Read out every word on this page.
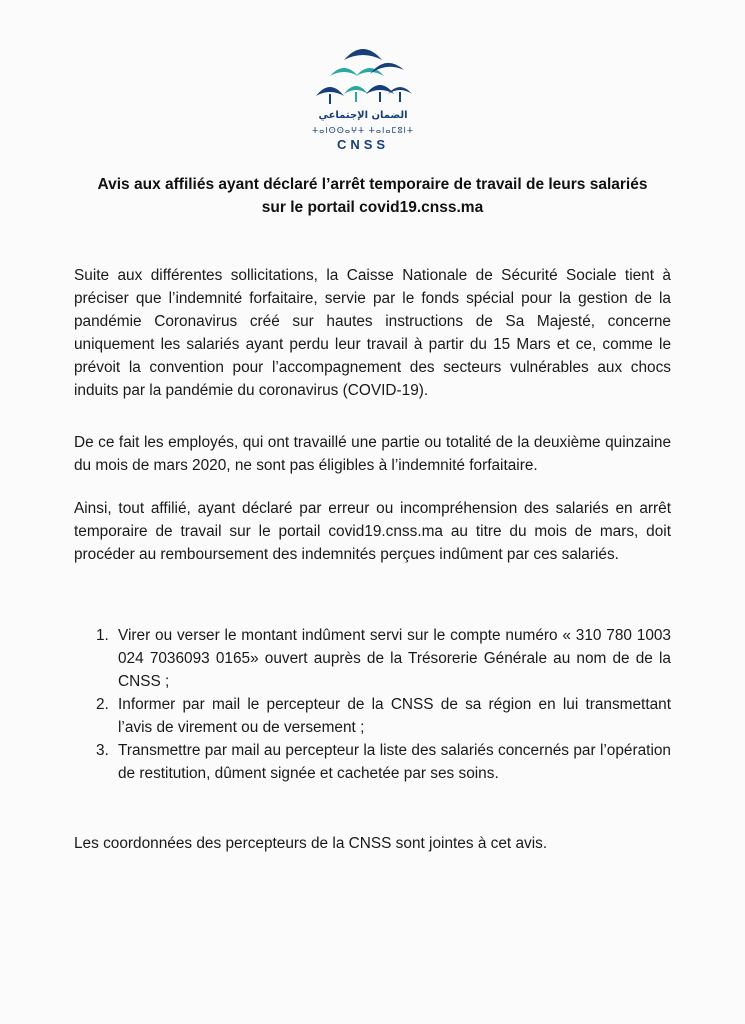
الضمان الإجتماعي
ⵜⴰⵏⵙⵙⴰⵖⵜ ⵜⴰⵏⴰⵎⵓⵏⵜ
CNSS
Avis aux affiliés ayant déclaré l’arrêt temporaire de travail de leurs salariés
sur le portail covid19.cnss.ma
Suite aux différentes sollicitations, la Caisse Nationale de Sécurité Sociale tient à préciser que l’indemnité forfaitaire, servie par le fonds spécial pour la gestion de la pandémie Coronavirus créé sur hautes instructions de Sa Majesté, concerne uniquement les salariés ayant perdu leur travail à partir du 15 Mars et ce, comme le prévoit la convention pour l’accompagnement des secteurs vulnérables aux chocs induits par la pandémie du coronavirus (COVID-19).
De ce fait les employés, qui ont travaillé une partie ou totalité de la deuxième quinzaine du mois de mars 2020, ne sont pas éligibles à l’indemnité forfaitaire.
Ainsi, tout affilié, ayant déclaré par erreur ou incompréhension des salariés en arrêt temporaire de travail sur le portail covid19.cnss.ma au titre du mois de mars, doit procéder au remboursement des indemnités perçues indûment par ces salariés.
1. Virer ou verser le montant indûment servi sur le compte numéro « 310 780 1003 024 7036093 0165» ouvert auprès de la Trésorerie Générale au nom de de la CNSS ;
2. Informer par mail le percepteur de la CNSS de sa région en lui transmettant l’avis de virement ou de versement ;
3. Transmettre par mail au percepteur la liste des salariés concernés par l’opération de restitution, dûment signée et cachetée par ses soins.
Les coordonnées des percepteurs de la CNSS sont jointes à cet avis.
